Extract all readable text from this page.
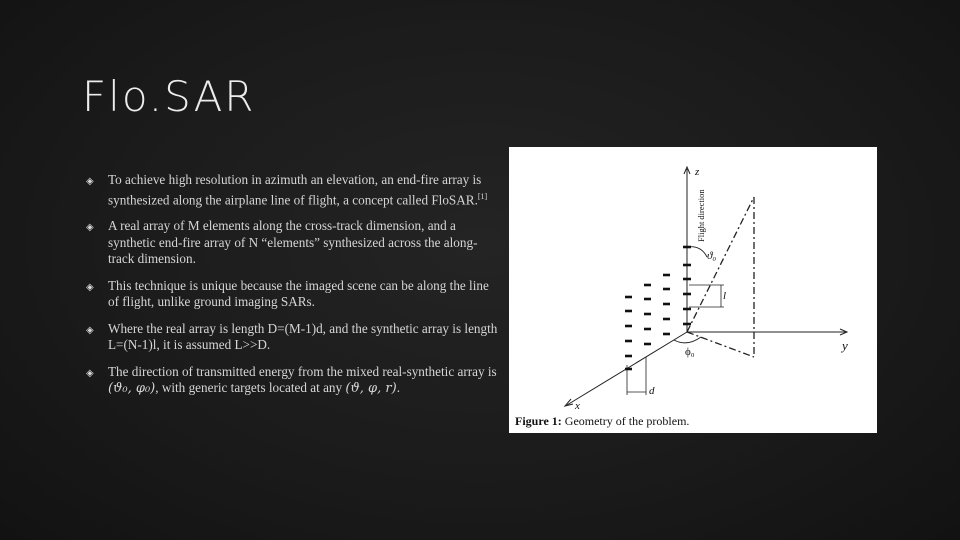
Flo.SAR
◈	To achieve high resolution in azimuth an elevation, an end-fire array is synthesized along the airplane line of flight, a concept called FloSAR.[1]
◈	A real array of M elements along the cross-track dimension, and a synthetic end-fire array of N “elements” synthesized across the along-track dimension.
◈	This technique is unique because the imaged scene can be along the line of flight, unlike ground imaging SARs.
◈	Where the real array is length D=(M-1)d, and the synthetic array is length L=(N-1)l, it is assumed L>>D.
◈	The direction of transmitted energy from the mixed real-synthetic array is (ϑ₀, φ₀), with generic targets located at any (ϑ, φ, r).
z
y
x
Flight direction
ϑ₀
ϕ₀
l
d
Figure 1: Geometry of the problem.
